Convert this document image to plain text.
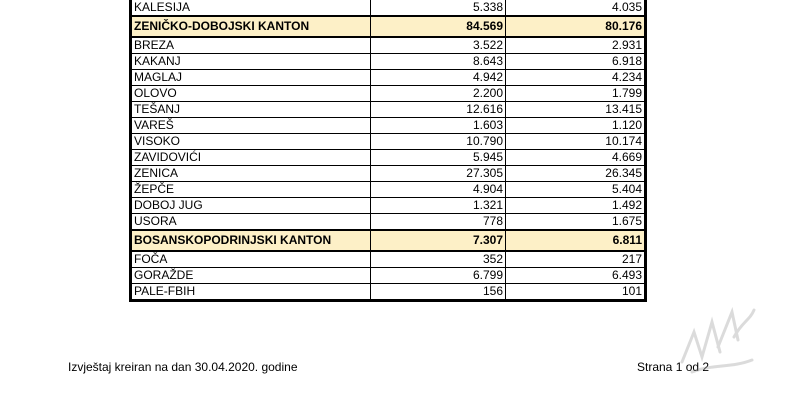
KALESIJA	5.338	4.035
ZENIČKO-DOBOJSKI KANTON	84.569	80.176
BREZA	3.522	2.931
KAKANJ	8.643	6.918
MAGLAJ	4.942	4.234
OLOVO	2.200	1.799
TEŠANJ	12.616	13.415
VAREŠ	1.603	1.120
VISOKO	10.790	10.174
ZAVIDOVIĆI	5.945	4.669
ZENICA	27.305	26.345
ŽEPČE	4.904	5.404
DOBOJ JUG	1.321	1.492
USORA	778	1.675
BOSANSKOPODRINJSKI KANTON	7.307	6.811
FOČA	352	217
GORAŽDE	6.799	6.493
PALE-FBIH	156	101
Izvještaj kreiran na dan 30.04.2020. godine	Strana 1 od 2
